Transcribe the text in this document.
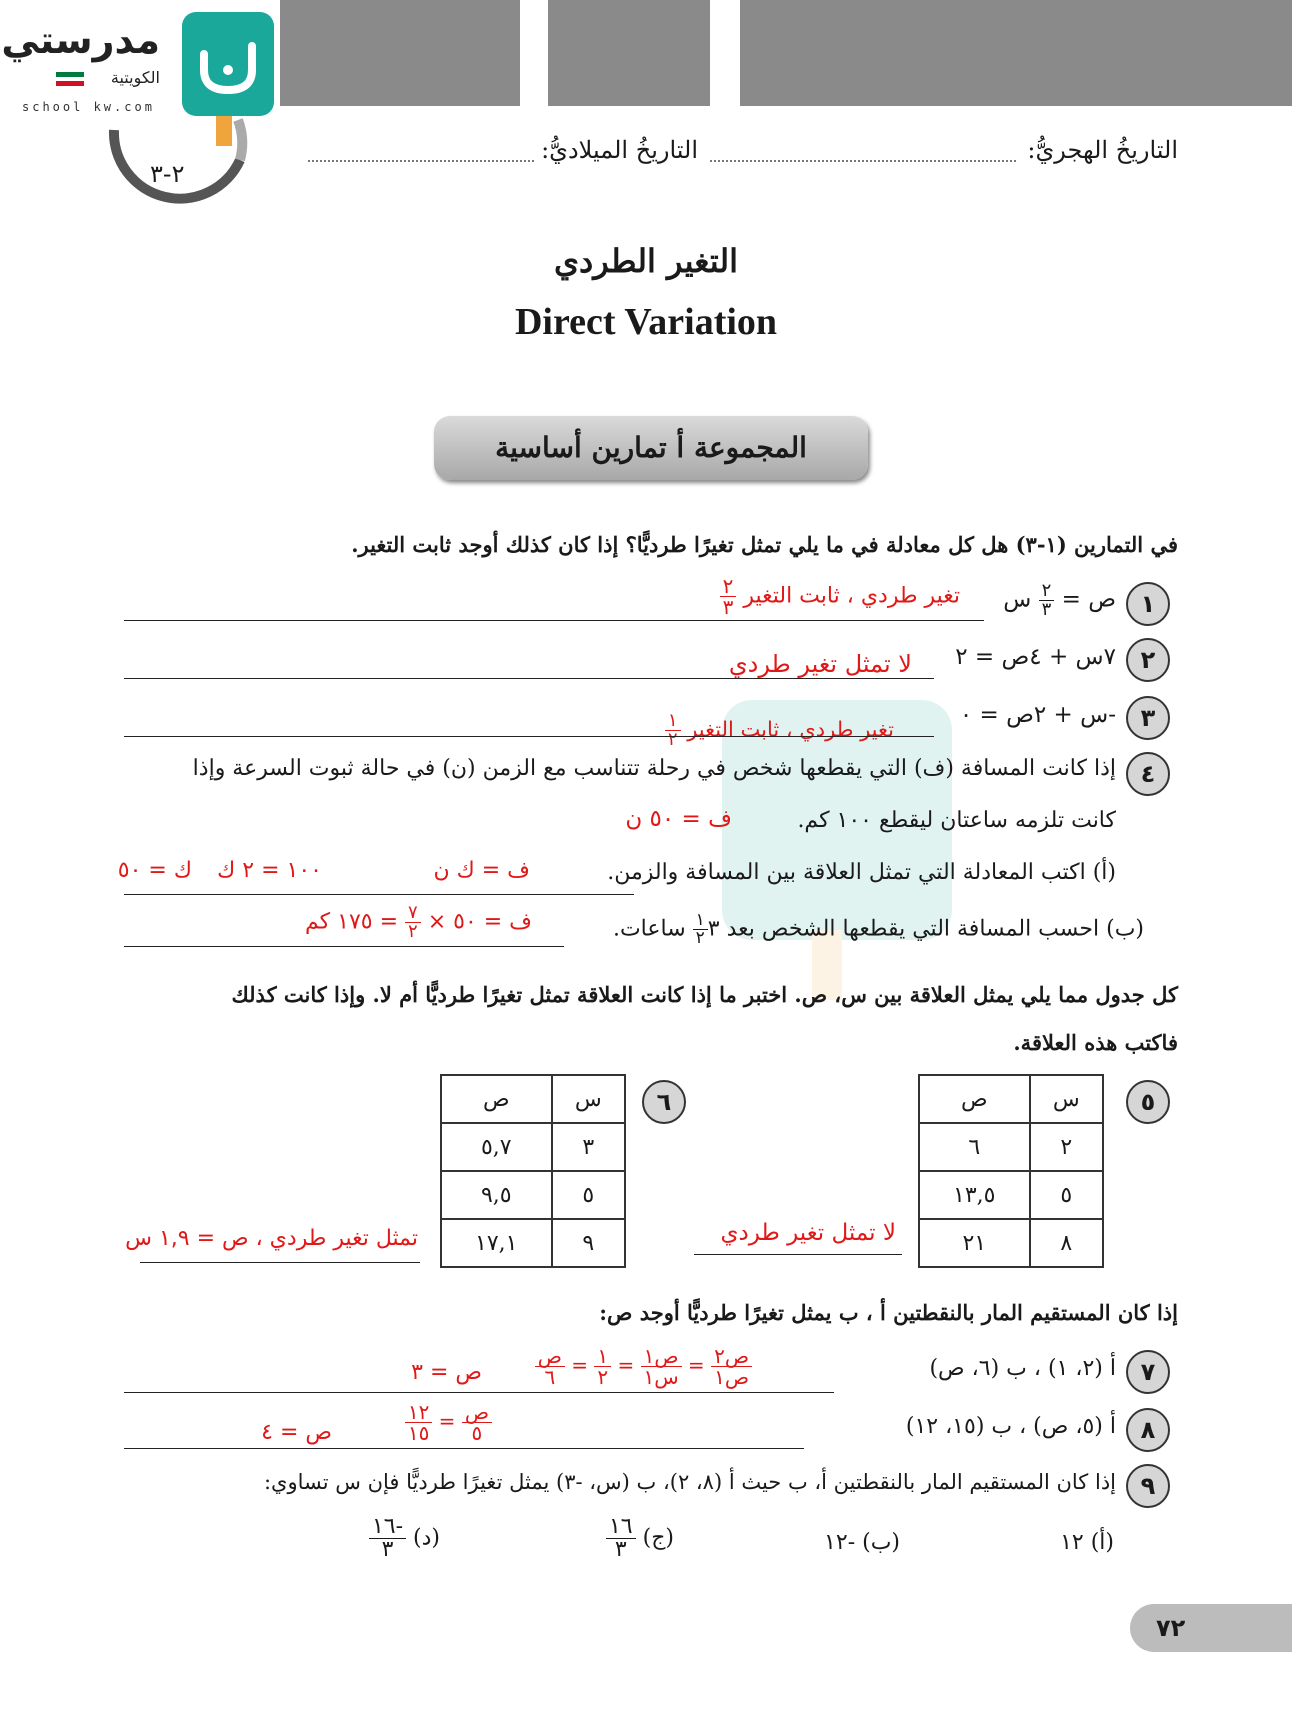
مدرستي
الكويتية
school kw.com
٢-٣
التاريخُ الهجريُّ:
التاريخُ الميلاديُّ:
التغير الطردي
Direct Variation
المجموعة ﺃ تمارين أساسية
في التمارين (١-٣) هل كل معادلة في ما يلي تمثل تغيرًا طرديًّا؟ إذا كان كذلك أوجد ثابت التغير.
١
ص =
$\frac{٢}{٣}$
س
تغير طردي ، ثابت التغير
$\frac{٢}{٣}$
٢
٧س + ٤ص = ٢
لا تمثل تغير طردي
٣
-س + ٢ص = ٠
تغير طردي ، ثابت التغير
$\frac{١}{٢}$
٤
إذا كانت المسافة (ف) التي يقطعها شخص في رحلة تتناسب مع الزمن (ن) في حالة ثبوت السرعة وإذا
كانت تلزمه ساعتان ليقطع ١٠٠ كم.
ف = ٥٠ ن
(أ) اكتب المعادلة التي تمثل العلاقة بين المسافة والزمن.
ف = ك ن
١٠٠ = ٢ ك
ك = ٥٠
(ب) احسب المسافة التي يقطعها الشخص بعد ٣
$\frac{١}{٢}$
ساعات.
ف = ٥٠ ×
$\frac{٧}{٢}$
= ١٧٥ كم
كل جدول مما يلي يمثل العلاقة بين س، ص. اختبر ما إذا كانت العلاقة تمثل تغيرًا طرديًّا أم لا. وإذا كانت كذلك
فاكتب هذه العلاقة.
٥
س	ص
٢	٦
٥	١٣,٥
٨	٢١
لا تمثل تغير طردي
٦
س	ص
٣	٥,٧
٥	٩,٥
٩	١٧,١
تمثل تغير طردي ، ص = ١,٩ س
إذا كان المستقيم المار بالنقطتين ﺃ ، ب يمثل تغيرًا طرديًّا أوجد ص:
٧
ﺃ (٢، ١) ، ب (٦، ص)
$\frac{\text{ص٢}}{\text{ص١}}$
=
$\frac{\text{ص١}}{\text{س١}}$
=
$\frac{١}{٢}$
=
$\frac{\text{ص}}{٦}$
ص = ٣
٨
ﺃ (٥، ص) ، ب (١٥، ١٢)
$\frac{\text{ص}}{٥}$
=
$\frac{١٢}{١٥}$
ص = ٤
٩
إذا كان المستقيم المار بالنقطتين ﺃ، ب حيث ﺃ (٨، ٢)، ب (س، -٣) يمثل تغيرًا طرديًّا فإن س تساوي:
(أ) ١٢
(ب) -١٢
(ج)
$\frac{١٦}{٣}$
(د)
$\frac{-١٦}{٣}$
٧٢
